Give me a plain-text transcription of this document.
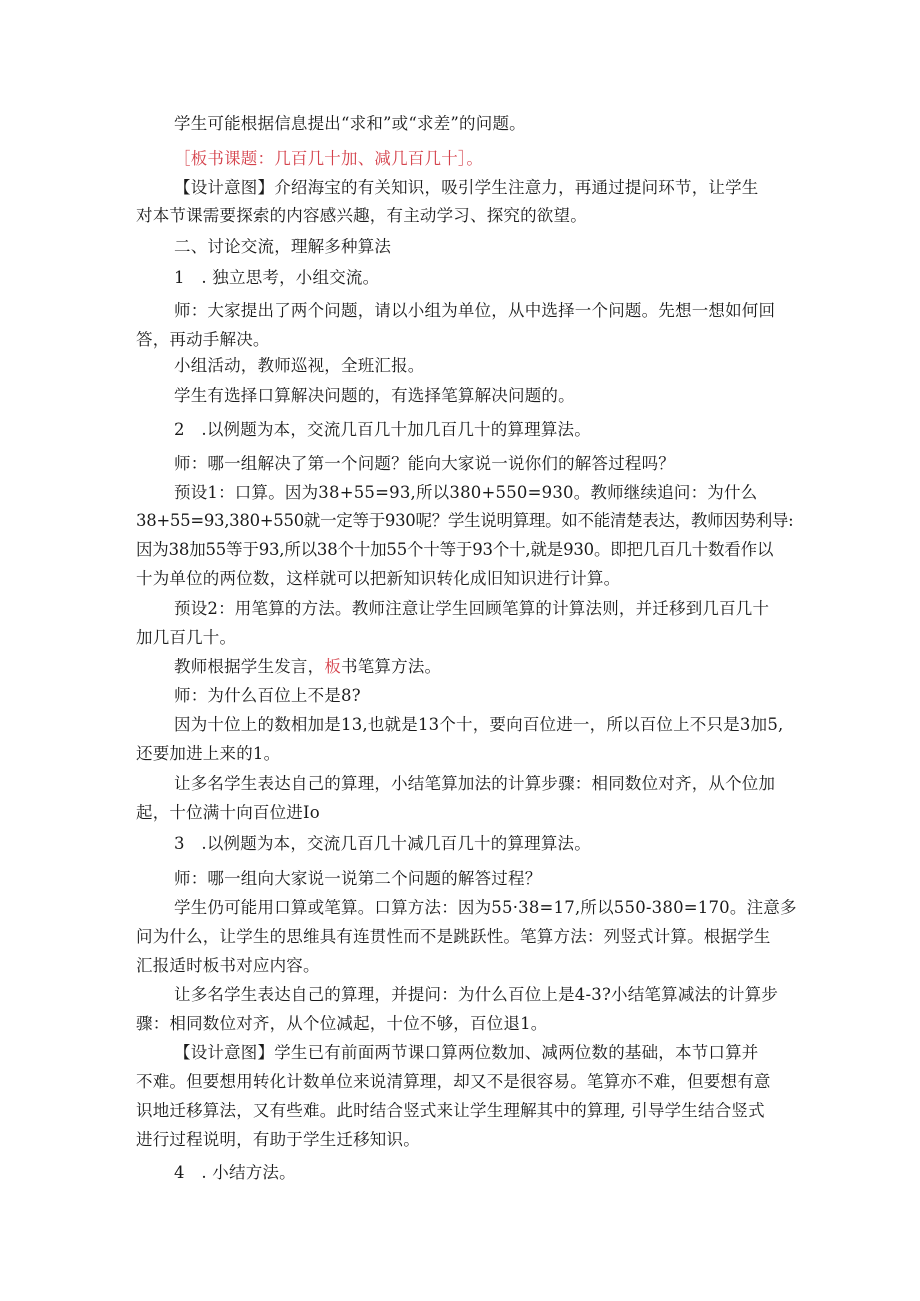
学生可能根据信息提出“求和”或“求差”的问题。
［板书课题：几百几十加、减几百几十］。
【设计意图】介绍海宝的有关知识，吸引学生注意力，再通过提问环节，让学生
对本节课需要探索的内容感兴趣，有主动学习、探究的欲望。
二、讨论交流，理解多种算法
1　. 独立思考，小组交流。
师：大家提出了两个问题，请以小组为单位，从中选择一个问题。先想一想如何回
答，再动手解决。
小组活动，教师巡视，全班汇报。
学生有选择口算解决问题的，有选择笔算解决问题的。
2　.以例题为本，交流几百几十加几百几十的算理算法。
师：哪一组解决了第一个问题？能向大家说一说你们的解答过程吗？
预设1：口算。因为38+55=93,所以380+550=930。教师继续追问：为什么
38+55=93,380+550就一定等于930呢？学生说明算理。如不能清楚表达，教师因势利导:
因为38加55等于93,所以38个十加55个十等于93个十,就是930。即把几百几十数看作以
十为单位的两位数，这样就可以把新知识转化成旧知识进行计算。
预设2：用笔算的方法。教师注意让学生回顾笔算的计算法则，并迁移到几百几十
加几百几十。
教师根据学生发言，板书笔算方法。
师：为什么百位上不是8?
因为十位上的数相加是13,也就是13个十，要向百位进一，所以百位上不只是3加5,
还要加进上来的1。
让多名学生表达自己的算理，小结笔算加法的计算步骤：相同数位对齐，从个位加
起，十位满十向百位进Io
3　.以例题为本，交流几百几十减几百几十的算理算法。
师：哪一组向大家说一说第二个问题的解答过程？
学生仍可能用口算或笔算。口算方法：因为55·38=17,所以550-380=170。注意多
问为什么，让学生的思维具有连贯性而不是跳跃性。笔算方法：列竖式计算。根据学生
汇报适时板书对应内容。
让多名学生表达自己的算理，并提问：为什么百位上是4-3?小结笔算减法的计算步
骤：相同数位对齐，从个位减起，十位不够，百位退1。
【设计意图】学生已有前面两节课口算两位数加、减两位数的基础，本节口算并
不难。但要想用转化计数单位来说清算理，却又不是很容易。笔算亦不难，但要想有意
识地迁移算法，又有些难。此时结合竖式来让学生理解其中的算理, 引导学生结合竖式
进行过程说明，有助于学生迁移知识。
4　. 小结方法。
